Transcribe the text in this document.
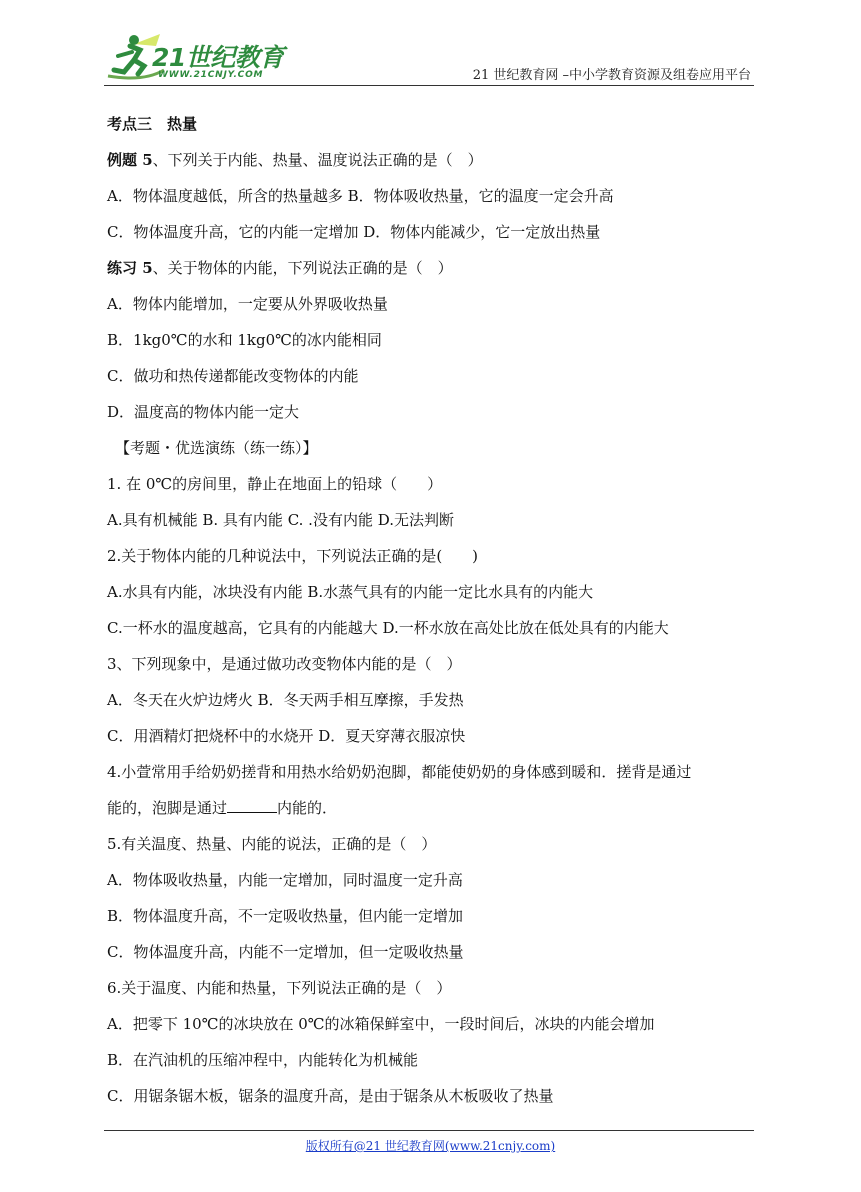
21世纪教育
WWW.21CNJY.COM	21 世纪教育网 –中小学教育资源及组卷应用平台
考点三　热量
例题 5、下列关于内能、热量、温度说法正确的是（　）
A．物体温度越低，所含的热量越多 B．物体吸收热量，它的温度一定会升高
C．物体温度升高，它的内能一定增加 D．物体内能减少，它一定放出热量
练习 5、关于物体的内能，下列说法正确的是（　）
A．物体内能增加，一定要从外界吸收热量
B．1kg0℃的水和 1kg0℃的冰内能相同
C．做功和热传递都能改变物体的内能
D．温度高的物体内能一定大
【考题・优选演练（练一练）】
1. 在 0℃的房间里，静止在地面上的铅球（　　）
A.具有机械能 B. 具有内能 C. .没有内能 D.无法判断
2.关于物体内能的几种说法中，下列说法正确的是(　　)
A.水具有内能，冰块没有内能 B.水蒸气具有的内能一定比水具有的内能大
C.一杯水的温度越高，它具有的内能越大 D.一杯水放在高处比放在低处具有的内能大
3、下列现象中，是通过做功改变物体内能的是（　）
A．冬天在火炉边烤火 B．冬天两手相互摩擦，手发热
C．用酒精灯把烧杯中的水烧开 D．夏天穿薄衣服凉快
4.小萱常用手给奶奶搓背和用热水给奶奶泡脚，都能使奶奶的身体感到暖和．搓背是通过
能的，泡脚是通过	内能的．
5.有关温度、热量、内能的说法，正确的是（　）
A．物体吸收热量，内能一定增加，同时温度一定升高
B．物体温度升高，不一定吸收热量，但内能一定增加
C．物体温度升高，内能不一定增加，但一定吸收热量
6.关于温度、内能和热量，下列说法正确的是（　）
A．把零下 10℃的冰块放在 0℃的冰箱保鲜室中，一段时间后，冰块的内能会增加
B．在汽油机的压缩冲程中，内能转化为机械能
C．用锯条锯木板，锯条的温度升高，是由于锯条从木板吸收了热量
版权所有@21 世纪教育网(www.21cnjy.com)
